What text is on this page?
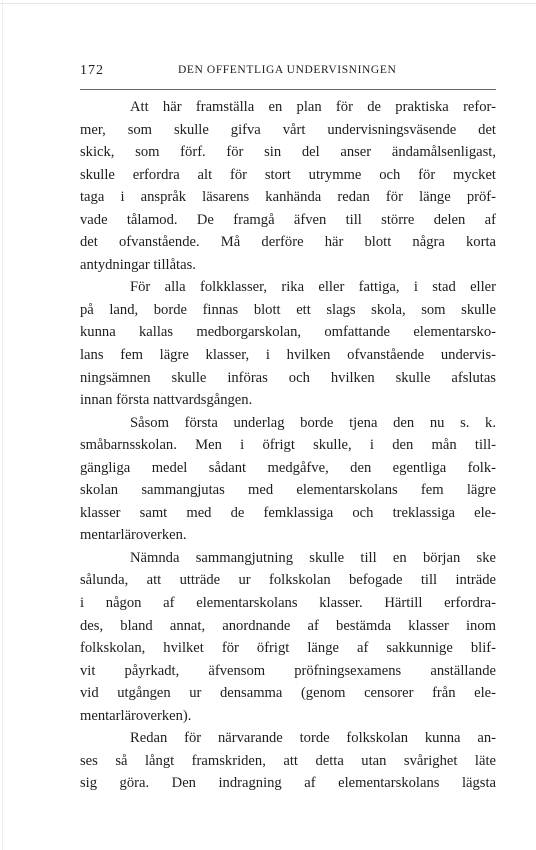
172	DEN OFFENTLIGA UNDERVISNINGEN
Att här framställa en plan för de praktiska refor-
mer, som skulle gifva vårt undervisningsväsende det
skick, som förf. för sin del anser ändamålsenligast,
skulle erfordra alt för stort utrymme och för mycket
taga i anspråk läsarens kanhända redan för länge pröf-
vade tålamod. De framgå äfven till större delen af
det ofvanstående. Må derföre här blott några korta
antydningar tillåtas.
För alla folkklasser, rika eller fattiga, i stad eller
på land, borde finnas blott ett slags skola, som skulle
kunna kallas medborgarskolan, omfattande elementarsko-
lans fem lägre klasser, i hvilken ofvanstående undervis-
ningsämnen skulle införas och hvilken skulle afslutas
innan första nattvardsgången.
Såsom första underlag borde tjena den nu s. k.
småbarnsskolan. Men i öfrigt skulle, i den mån till-
gängliga medel sådant medgåfve, den egentliga folk-
skolan sammangjutas med elementarskolans fem lägre
klasser samt med de femklassiga och treklassiga ele-
mentarläroverken.
Nämnda sammangjutning skulle till en början ske
sålunda, att utträde ur folkskolan befogade till inträde
i någon af elementarskolans klasser. Härtill erfordra-
des, bland annat, anordnande af bestämda klasser inom
folkskolan, hvilket för öfrigt länge af sakkunnige blif-
vit påyrkadt, äfvensom pröfningsexamens anställande
vid utgången ur densamma (genom censorer från ele-
mentarläroverken).
Redan för närvarande torde folkskolan kunna an-
ses så långt framskriden, att detta utan svårighet läte
sig göra. Den indragning af elementarskolans lägsta
